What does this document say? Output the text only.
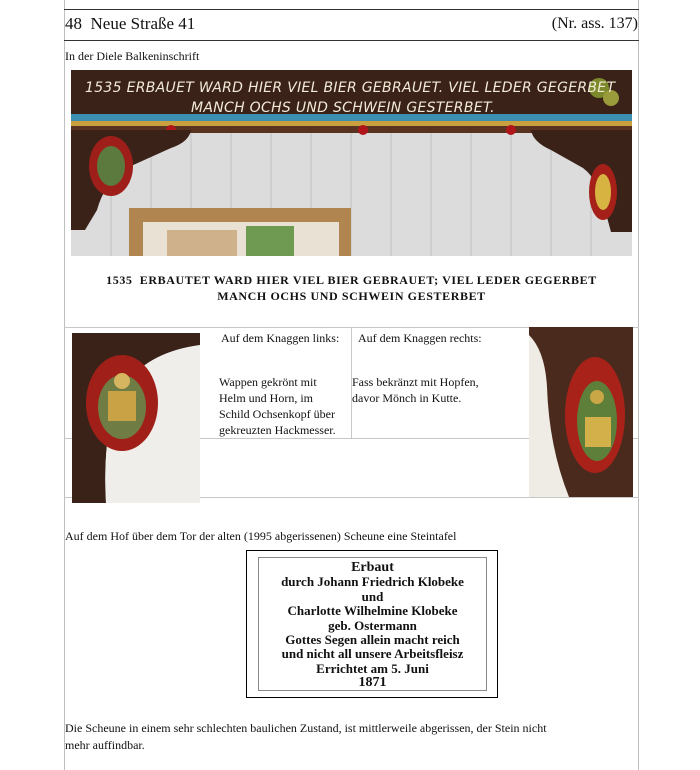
48 Neue Straße 41	(Nr. ass. 137)
In der Diele Balkeninschrift
1535 ERBAUET WARD HIER VIEL BIER GEBRAUET. VIEL LEDER GEGERBET
MANCH OCHS UND SCHWEIN GESTERBET.
1535  ERBAUTET WARD HIER VIEL BIER GEBRAUET; VIEL LEDER GEGERBET
MANCH OCHS UND SCHWEIN GESTERBET
Auf dem Knaggen links:
Wappen gekrönt mit
Helm und Horn, im
Schild Ochsenkopf über
gekreuzten Hackmesser.
Auf dem Knaggen rechts:
Fass bekränzt mit Hopfen,
davor Mönch in Kutte.
Auf dem Hof über dem Tor der alten (1995 abgerissenen) Scheune eine Steintafel
Erbaut
durch Johann Friedrich Klobeke
und
Charlotte Wilhelmine Klobeke
geb. Ostermann
Gottes Segen allein macht reich
und nicht all unsere Arbeitsfleisz
Errichtet am 5. Juni
1871
Die Scheune in einem sehr schlechten baulichen Zustand, ist mittlerweile abgerissen, der Stein nicht
mehr auffindbar.
